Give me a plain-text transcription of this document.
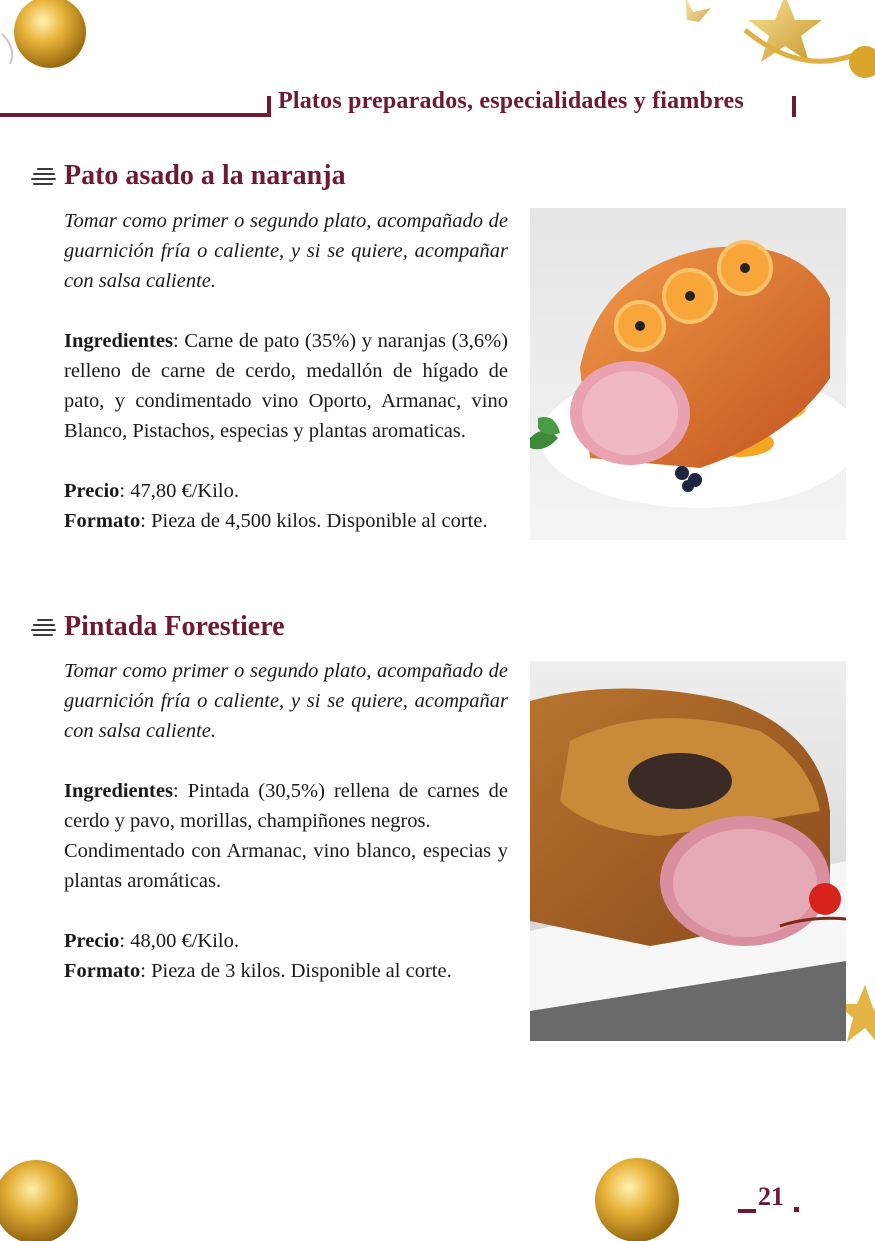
Platos preparados, especialidades y fiambres
Pato asado a la naranja

Tomar como primer o segundo plato, acompañado de guarnición fría o caliente, y si se quiere, acompañar con salsa caliente.

Ingredientes: Carne de pato (35%) y naranjas (3,6%) relleno de carne de cerdo, medallón de hígado de pato, y condimentado vino Oporto, Armanac, vino Blanco, Pistachos, especias y plantas aromaticas.

Precio: 47,80 €/Kilo.

Formato: Pieza de 4,500 kilos. Disponible al corte.

Pintada Forestiere

Tomar como primer o segundo plato, acompañado de guarnición fría o caliente, y si se quiere, acompañar con salsa caliente.

Ingredientes: Pintada (30,5%) rellena de carnes de cerdo y pavo, morillas, champiñones negros.

Condimentado con Armanac, vino blanco, especias y plantas aromáticas.

Precio: 48,00 €/Kilo.

Formato: Pieza de 3 kilos. Disponible al corte.

21
